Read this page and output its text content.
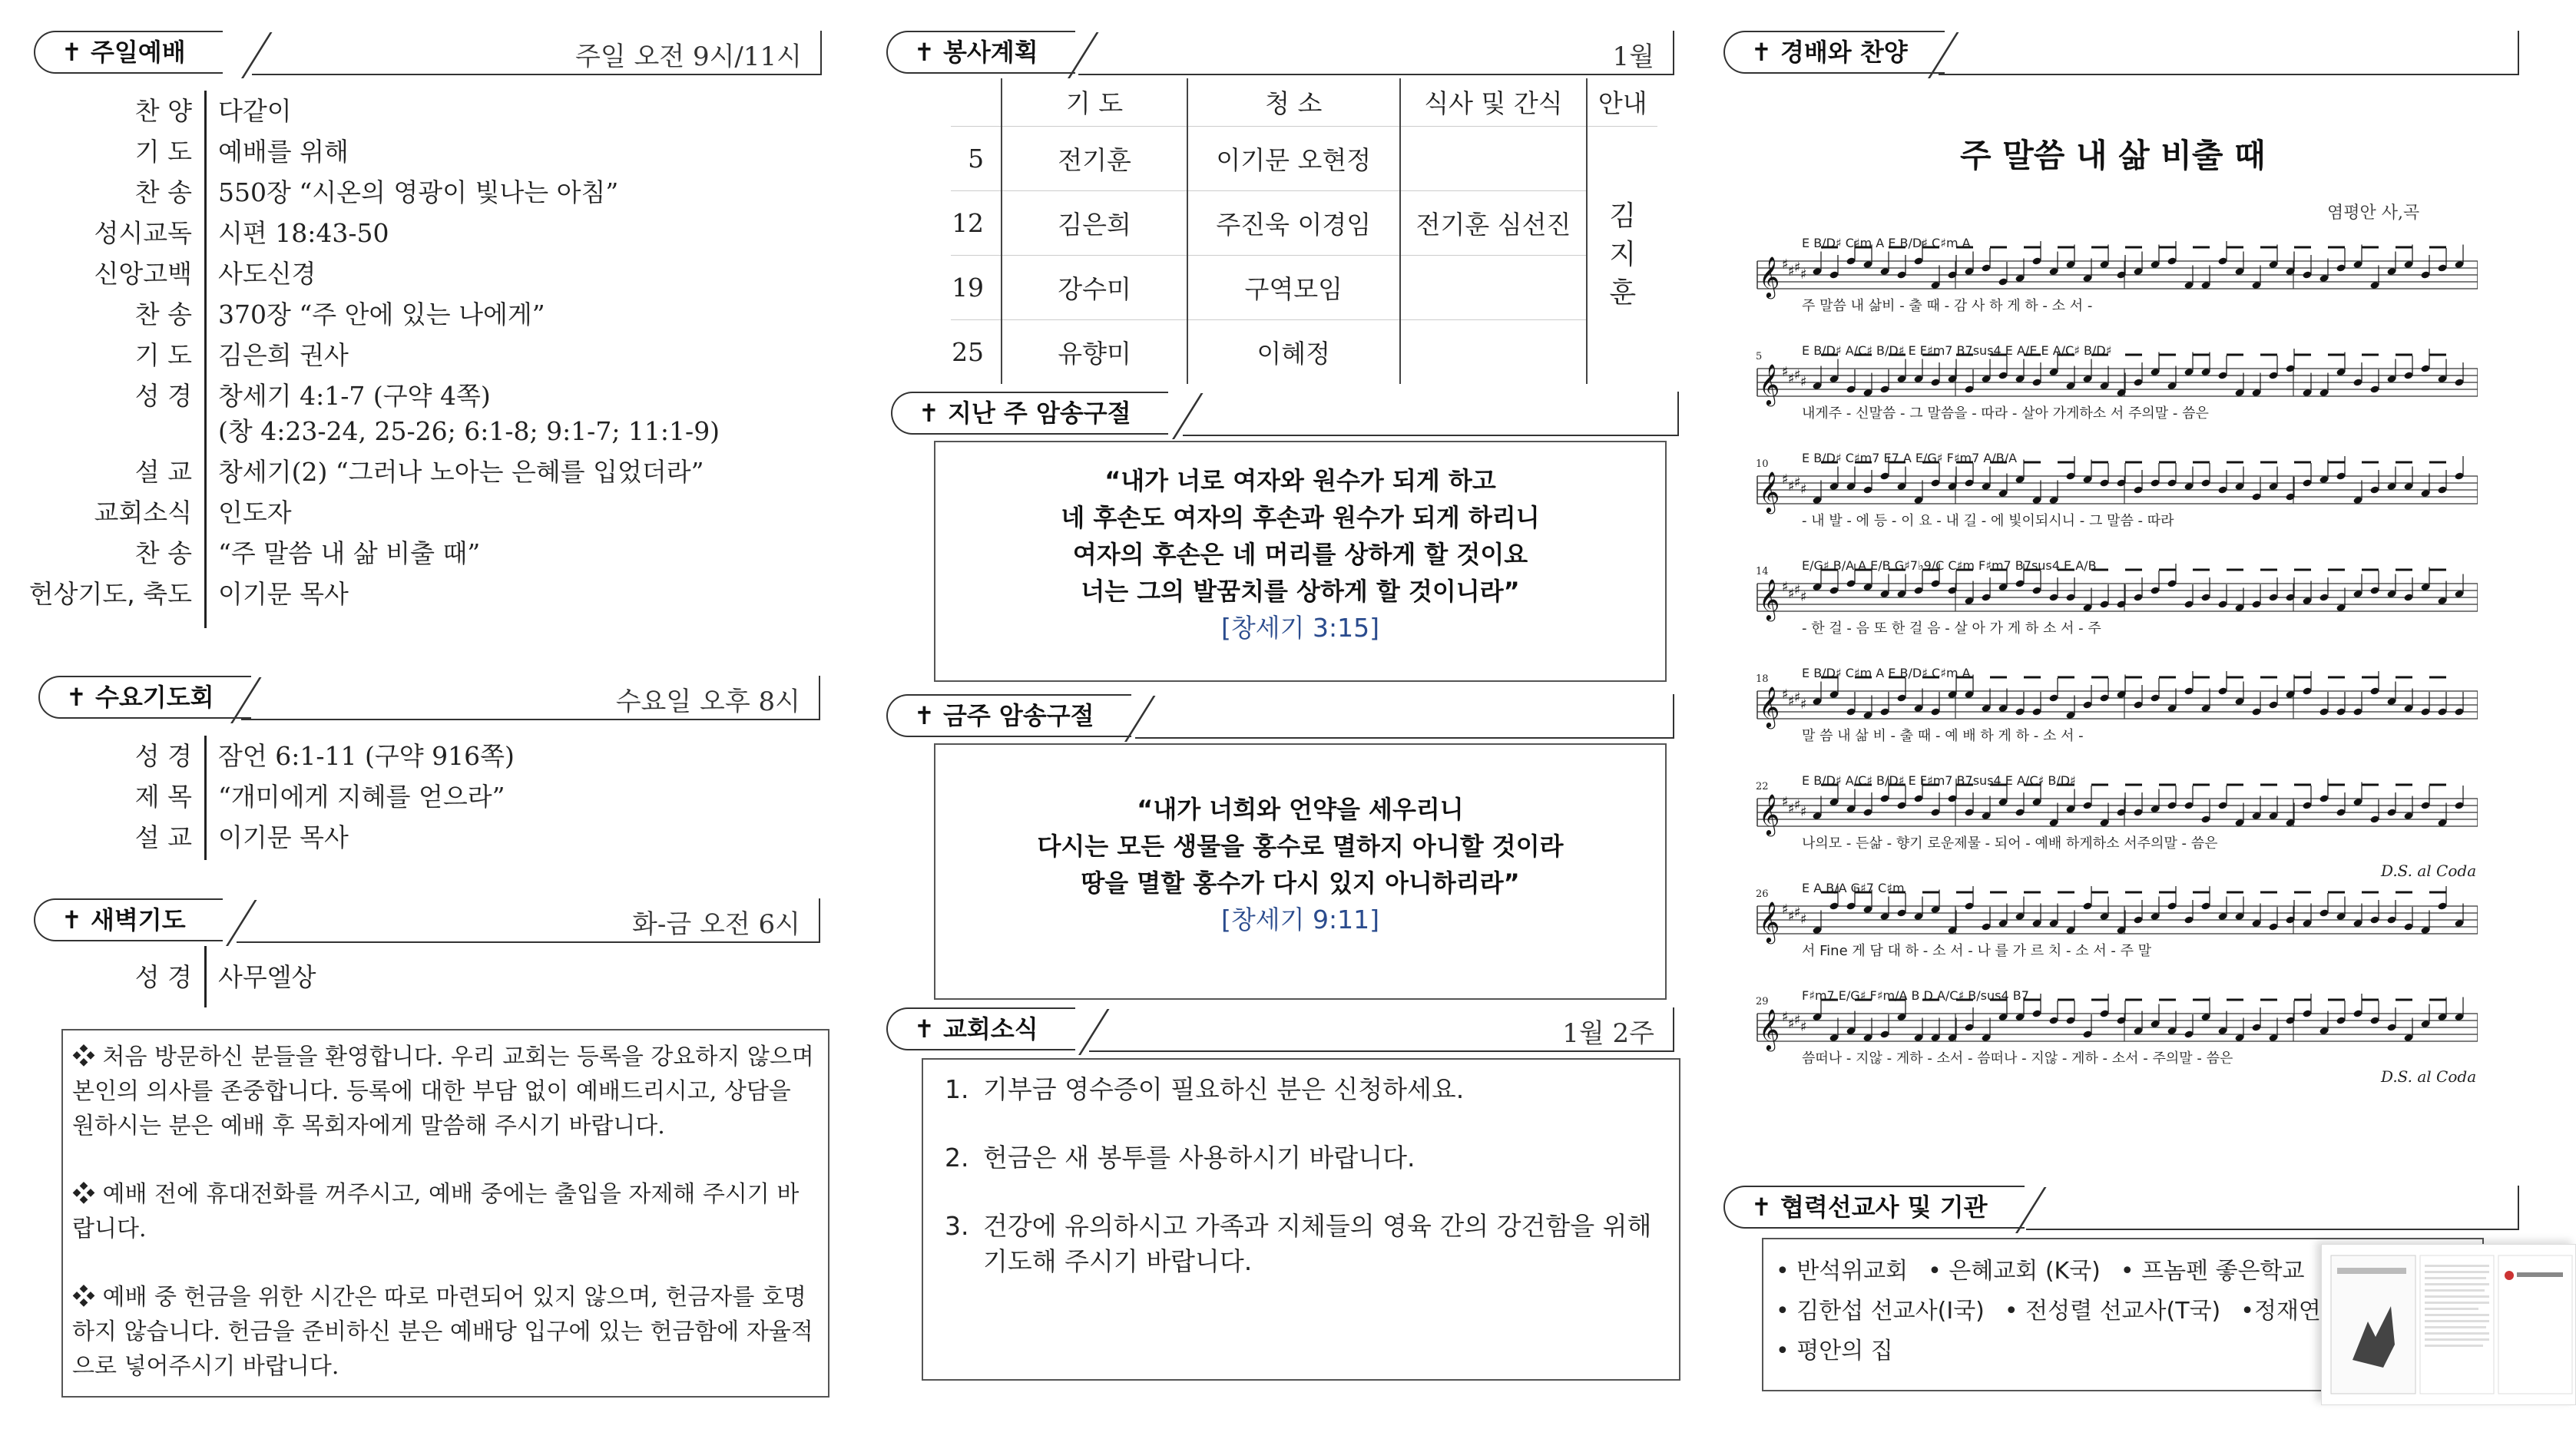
✝ 주일예배	주일 오전 9시/11시
찬 양 다같이
기 도 예배를 위해
찬 송 550장 “시온의 영광이 빛나는 아침”
성시교독 시편 18:43-50
신앙고백 사도신경
찬 송 370장 “주 안에 있는 나에게”
기 도 김은희 권사
성 경 창세기 4:1-7 (구약 4쪽)
(창 4:23-24, 25-26; 6:1-8; 9:1-7; 11:1-9)
설 교 창세기(2) “그러나 노아는 은혜를 입었더라”
교회소식 인도자
찬 송 “주 말씀 내 삶 비출 때”
헌상기도, 축도 이기문 목사
✝ 수요기도회	수요일 오후 8시
성 경 잠언 6:1-11 (구약 916쪽)
제 목 “개미에게 지혜를 얻으라”
설 교 이기문 목사
✝ 새벽기도	화-금 오전 6시
성 경 사무엘상

❖ 처음 방문하신 분들을 환영합니다. 우리 교회는 등록을 강요하지 않으며 본인의 의사를 존중합니다. 등록에 대한 부담 없이 예배드리시고, 상담을 원하시는 분은 예배 후 목회자에게 말씀해 주시기 바랍니다.

❖ 예배 전에 휴대전화를 꺼주시고, 예배 중에는 출입을 자제해 주시기 바랍니다.

❖ 예배 중 헌금을 위한 시간은 따로 마련되어 있지 않으며, 헌금자를 호명하지 않습니다. 헌금을 준비하신 분은 예배당 입구에 있는 헌금함에 자율적으로 넣어주시기 바랍니다.

✝ 봉사계획	1월
	기 도	청 소	식사 및 간식	안내
5	전기훈	이기문 오현정		김
지
훈

12	김은희	주진욱 이경임	전기훈 심선진	
19	강수미	구역모임		
25	유향미	이혜정		
✝ 지난 주 암송구절
“내가 너로 여자와 원수가 되게 하고
네 후손도 여자의 후손과 원수가 되게 하리니
여자의 후손은 네 머리를 상하게 할 것이요
너는 그의 발꿈치를 상하게 할 것이니라”
[창세기 3:15]
✝ 금주 암송구절
“내가 너희와 언약을 세우리니
다시는 모든 생물을 홍수로 멸하지 아니할 것이라
땅을 멸할 홍수가 다시 있지 아니하리라”
[창세기 9:11]
✝ 교회소식	1월 2주
1. 기부금 영수증이 필요하신 분은 신청하세요.
2. 헌금은 새 봉투를 사용하시기 바랍니다.
3. 건강에 유의하시고 가족과 지체들의 영육 간의 강건함을 위해 기도해 주시기 바랍니다.
✝ 경배와 찬양
주 말씀 내 삶 비출 때
염평안 사,곡
E B/D♯ C♯m A E B/D♯ C♯m A
𝄞 ♯ ♯ ♯ ♯
주 말씀 내 삶비 - 출 때 - 감 사 하 게 하 - 소 서 -
E B/D♯ A/C♯ B/D♯ E F♯m7 B7sus4 E A/E E A/C♯ B/D♯
5
𝄞 ♯ ♯ ♯ ♯
내게주 - 신말씀 - 그 말씀을 - 따라 - 살아 가게하소 서 주의말 - 씀은
E B/D♯ C♯m7 E7 A E/G♯ F♯m7 A/B/A
10
𝄞 ♯ ♯ ♯ ♯
- 내 발 - 에 등 - 이 요 - 내 길 - 에 빛이되시니 - 그 말씀 - 따라
E/G♯ B/A A E/B G♯7♭9/C C♯m F♯m7 B7sus4 E A/B
14
𝄞 ♯ ♯ ♯ ♯
- 한 걸 - 음 또 한 걸 음 - 살 아 가 게 하 소 서 - 주
E B/D♯ C♯m A E B/D♯ C♯m A
18
𝄞 ♯ ♯ ♯ ♯
말 씀 내 삶 비 - 출 때 - 예 배 하 게 하 - 소 서 -
E B/D♯ A/C♯ B/D♯ E F♯m7 B7sus4 E A/C♯ B/D♯
22
𝄞 ♯ ♯ ♯ ♯
나의모 - 든삶 - 향기 로운제물 - 되어 - 예배 하게하소 서주의말 - 씀은
E A B/A G♯7 C♯m
26
𝄞 ♯ ♯ ♯ ♯
서 Fine 게 담 대 하 - 소 서 - 나 를 가 르 치 - 소 서 - 주 말
F♯m7 E/G♯ F♯m/A B D A/C♯ B/sus4 B7
29
𝄞 ♯ ♯ ♯ ♯
씀떠나 - 지않 - 게하 - 소서 - 씀떠나 - 지않 - 게하 - 소서 - 주의말 - 씀은
D.S. al Coda
D.S. al Coda
✝ 협력선교사 및 기관
• 반석위교회 • 은혜교회 (K국) • 프놈펜 좋은학교
• 김한섭 선교사(I국) • 전성렬 선교사(T국) •정재연
• 평안의 집
